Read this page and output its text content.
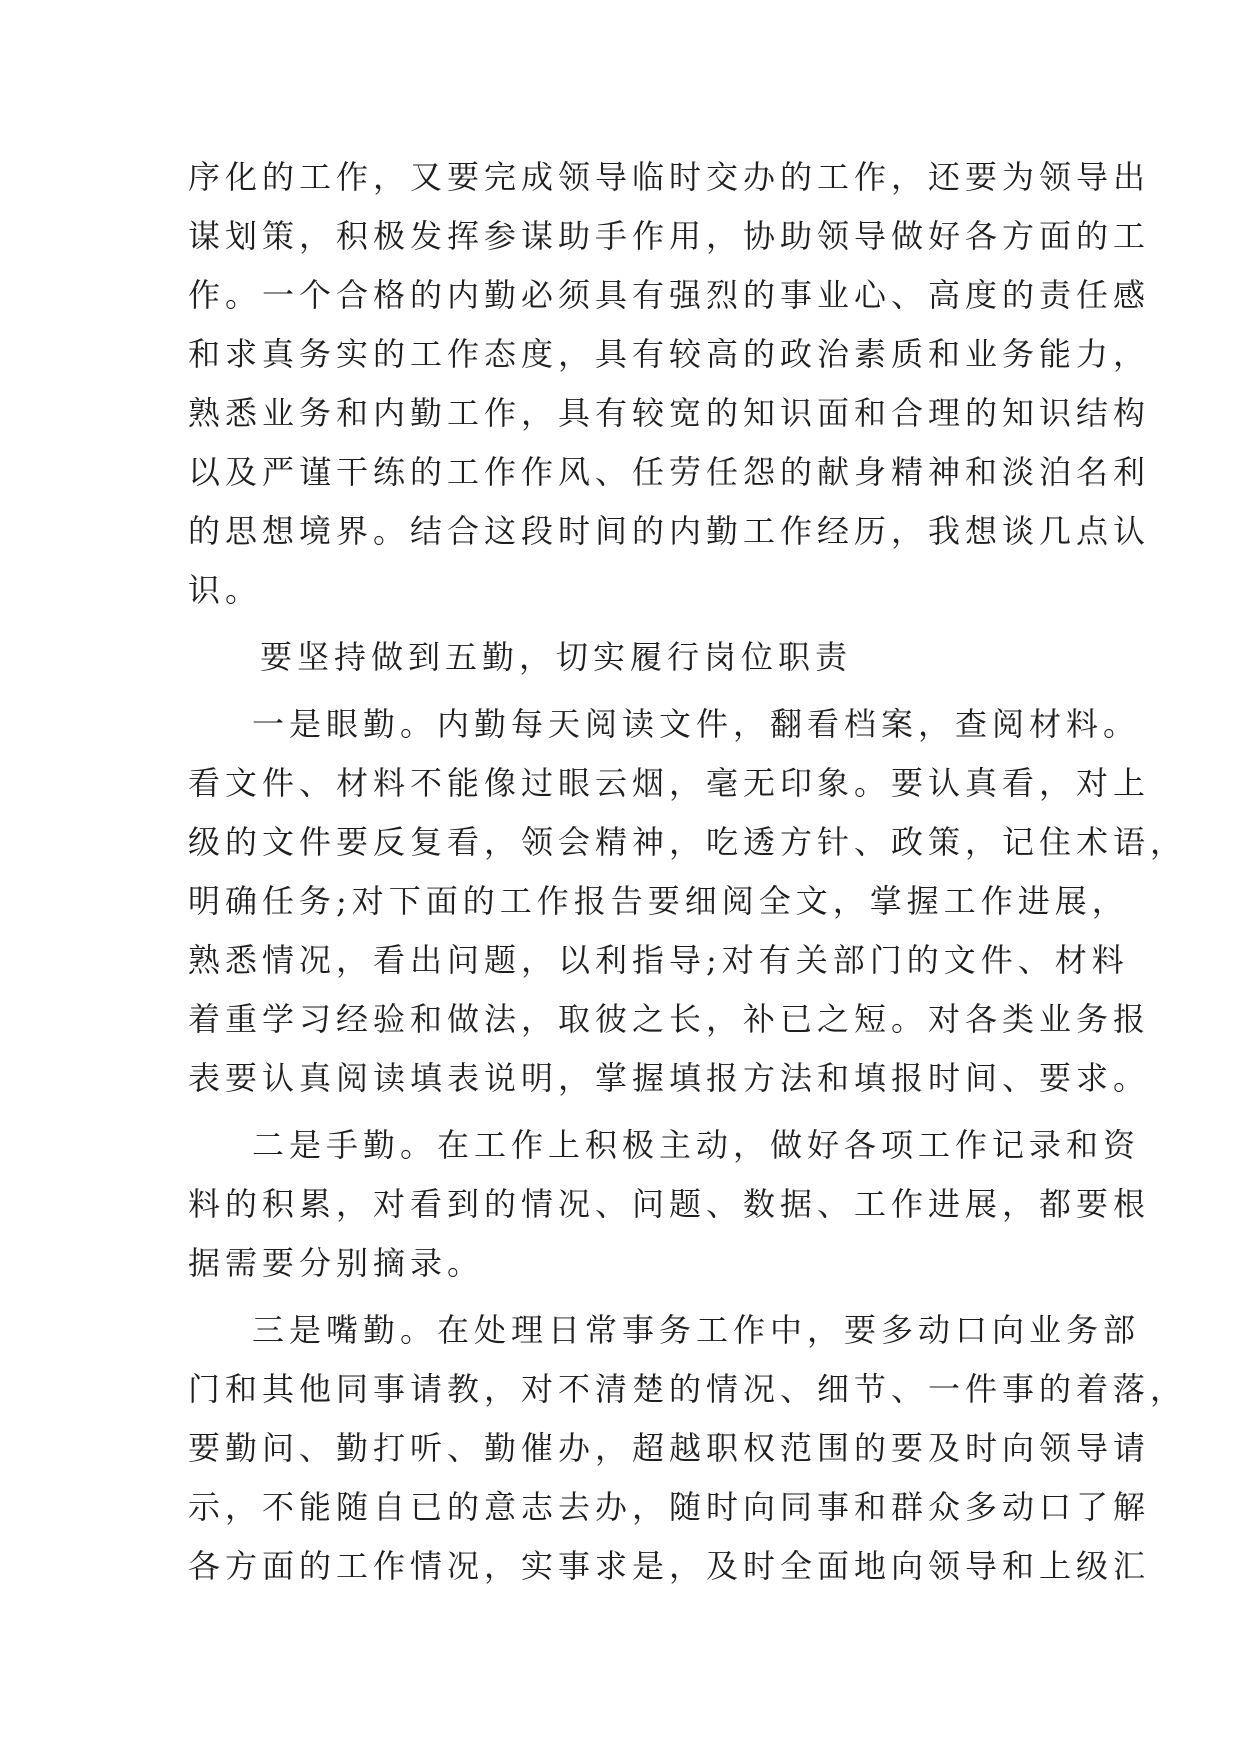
序化的工作，又要完成领导临时交办的工作，还要为领导出
谋划策，积极发挥参谋助手作用，协助领导做好各方面的工
作。一个合格的内勤必须具有强烈的事业心、高度的责任感
和求真务实的工作态度，具有较高的政治素质和业务能力，
熟悉业务和内勤工作，具有较宽的知识面和合理的知识结构
以及严谨干练的工作作风、任劳任怨的献身精神和淡泊名利
的思想境界。结合这段时间的内勤工作经历，我想谈几点认
识。
要坚持做到五勤，切实履行岗位职责
一是眼勤。内勤每天阅读文件，翻看档案，查阅材料。
看文件、材料不能像过眼云烟，毫无印象。要认真看，对上
级的文件要反复看，领会精神，吃透方针、政策，记住术语，
明确任务;对下面的工作报告要细阅全文，掌握工作进展，
熟悉情况，看出问题，以利指导;对有关部门的文件、材料
着重学习经验和做法，取彼之长，补已之短。对各类业务报
表要认真阅读填表说明，掌握填报方法和填报时间、要求。
二是手勤。在工作上积极主动，做好各项工作记录和资
料的积累，对看到的情况、问题、数据、工作进展，都要根
据需要分别摘录。
三是嘴勤。在处理日常事务工作中，要多动口向业务部
门和其他同事请教，对不清楚的情况、细节、一件事的着落，
要勤问、勤打听、勤催办，超越职权范围的要及时向领导请
示，不能随自已的意志去办，随时向同事和群众多动口了解
各方面的工作情况，实事求是，及时全面地向领导和上级汇
